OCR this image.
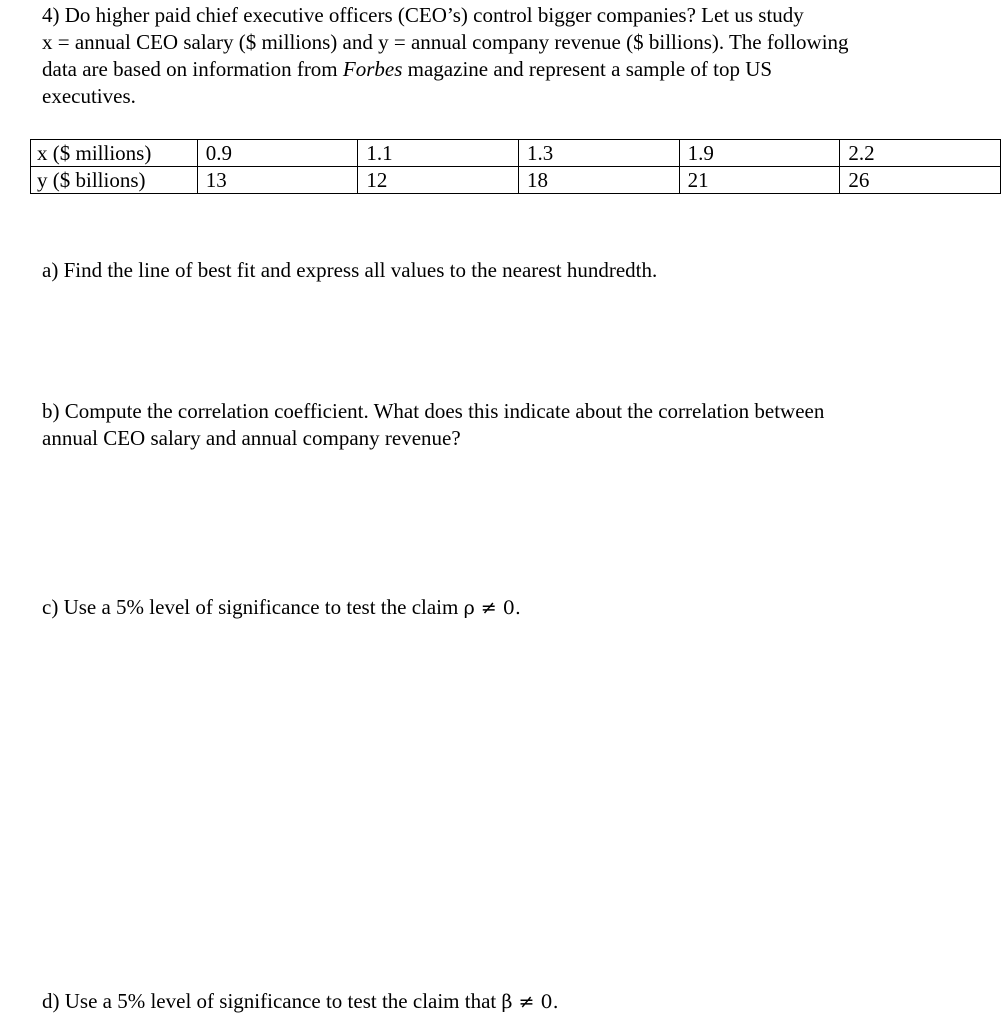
4) Do higher paid chief executive officers (CEO’s) control bigger companies? Let us study

x = annual CEO salary ($ millions) and y = annual company revenue ($ billions). The following

data are based on information from Forbes magazine and represent a sample of top US

executives.

x ($ millions)	0.9	1.1	1.3	1.9	2.2
y ($ billions)	13	12	18	21	26

a) Find the line of best fit and express all values to the nearest hundredth.

b) Compute the correlation coefficient. What does this indicate about the correlation between
annual CEO salary and annual company revenue?

c) Use a 5% level of significance to test the claim ρ ≠ 0.

d) Use a 5% level of significance to test the claim that β ≠ 0.
